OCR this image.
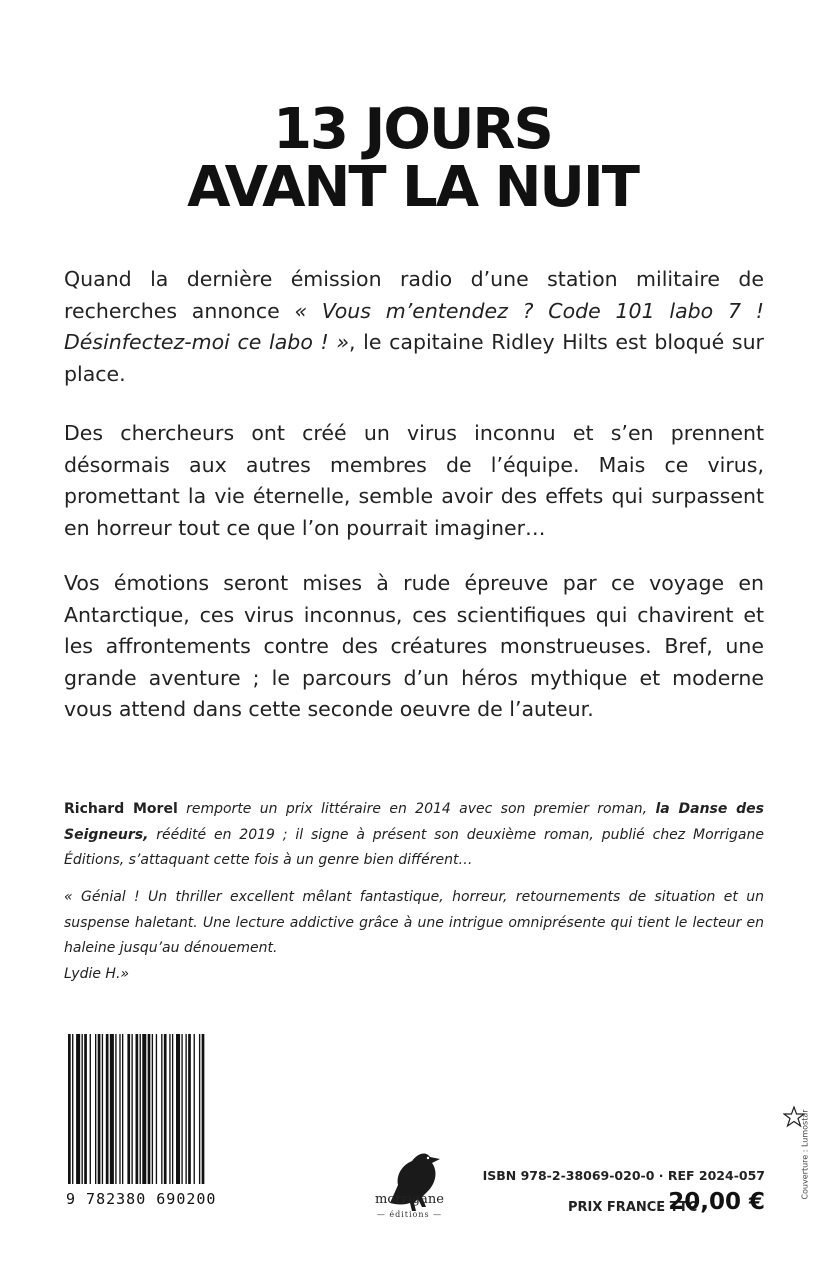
13 JOURS
AVANT LA NUIT
Quand la dernière émission radio d’une station militaire de recherches annonce « Vous m’entendez ? Code 101 labo 7 ! Désinfectez-moi ce labo ! », le capitaine Ridley Hilts est bloqué sur place.
Des chercheurs ont créé un virus inconnu et s’en prennent désormais aux autres membres de l’équipe. Mais ce virus, promettant la vie éternelle, semble avoir des effets qui surpassent en horreur tout ce que l’on pourrait imaginer…
Vos émotions seront mises à rude épreuve par ce voyage en Antarctique, ces virus inconnus, ces scientifiques qui chavirent et les affrontements contre des créatures monstrueuses. Bref, une grande aventure ; le parcours d’un héros mythique et moderne vous attend dans cette seconde oeuvre de l’auteur.
Richard Morel remporte un prix littéraire en 2014 avec son premier roman, la Danse des Seigneurs, réédité en 2019 ; il signe à présent son deuxième roman, publié chez Morrigane Éditions, s’attaquant cette fois à un genre bien différent…
« Génial ! Un thriller excellent mêlant fantastique, horreur, retournements de situation et un suspense haletant. Une lecture addictive grâce à une intrigue omniprésente qui tient le lecteur en haleine jusqu’au dénouement.
Lydie H.»
9 782380 690200	morrigane
— éditions —
ISBN 978-2-38069-020-0 · REF 2024-057
PRIX FRANCE TTC
20,00 €
Couverture : Lumostar
